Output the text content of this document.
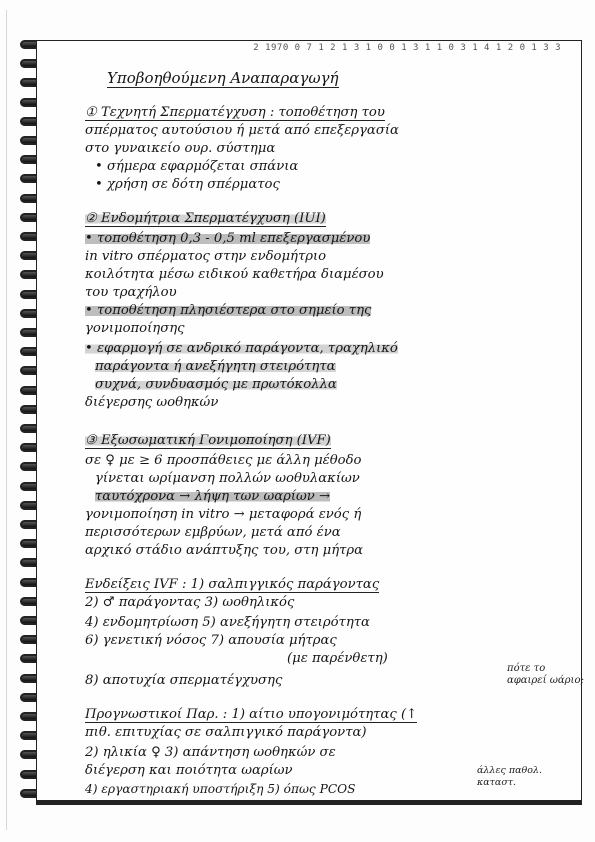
2 1970 0 7 1 2 1 3 1 0 0 1 3 1 1 0 3 1 4 1 2 0 1 3 3
Υποβοηθούμενη Αναπαραγωγή
① Τεχνητή Σπερματέγχυση : τοποθέτηση του
σπέρματος αυτούσιου ή μετά από επεξεργασία
στο γυναικείο ουρ. σύστημα
• σήμερα εφαρμόζεται σπάνια
• χρήση σε δότη σπέρματος
② Ενδομήτρια Σπερματέγχυση (IUI)
• τοποθέτηση 0,3 - 0,5 ml επεξεργασμένου
in vitro σπέρματος στην ενδομήτριο
κοιλότητα μέσω ειδικού καθετήρα διαμέσου
του τραχήλου
• τοποθέτηση πλησιέστερα στο σημείο της
γονιμοποίησης
• εφαρμογή σε ανδρικό παράγοντα, τραχηλικό
παράγοντα ή ανεξήγητη στειρότητα
συχνά, συνδυασμός με πρωτόκολλα
διέγερσης ωοθηκών
③ Εξωσωματική Γονιμοποίηση (IVF)
σε ♀ με ≥ 6 προσπάθειες με άλλη μέθοδο
γίνεται ωρίμανση πολλών ωοθυλακίων
ταυτόχρονα → λήψη των ωαρίων →
γονιμοποίηση in vitro → μεταφορά ενός ή
περισσότερων εμβρύων, μετά από ένα
αρχικό στάδιο ανάπτυξης του, στη μήτρα
Ενδείξεις IVF : 1) σαλπιγγικός παράγοντας
2) ♂ παράγοντας 3) ωοθηλικός
4) ενδομητρίωση 5) ανεξήγητη στειρότητα
6) γενετική νόσος 7) απουσία μήτρας
(με παρένθετη)
8) αποτυχία σπερματέγχυσης
πότε το
αφαιρεί ωάριο;
Προγνωστικοί Παρ. : 1) αίτιο υπογονιμότητας (↑
πιθ. επιτυχίας σε σαλπιγγικό παράγοντα)
2) ηλικία ♀ 3) απάντηση ωοθηκών σε
διέγερση και ποιότητα ωαρίων
4) εργαστηριακή υποστήριξη 5) όπως PCOS
άλλες παθολ. καταστ.
